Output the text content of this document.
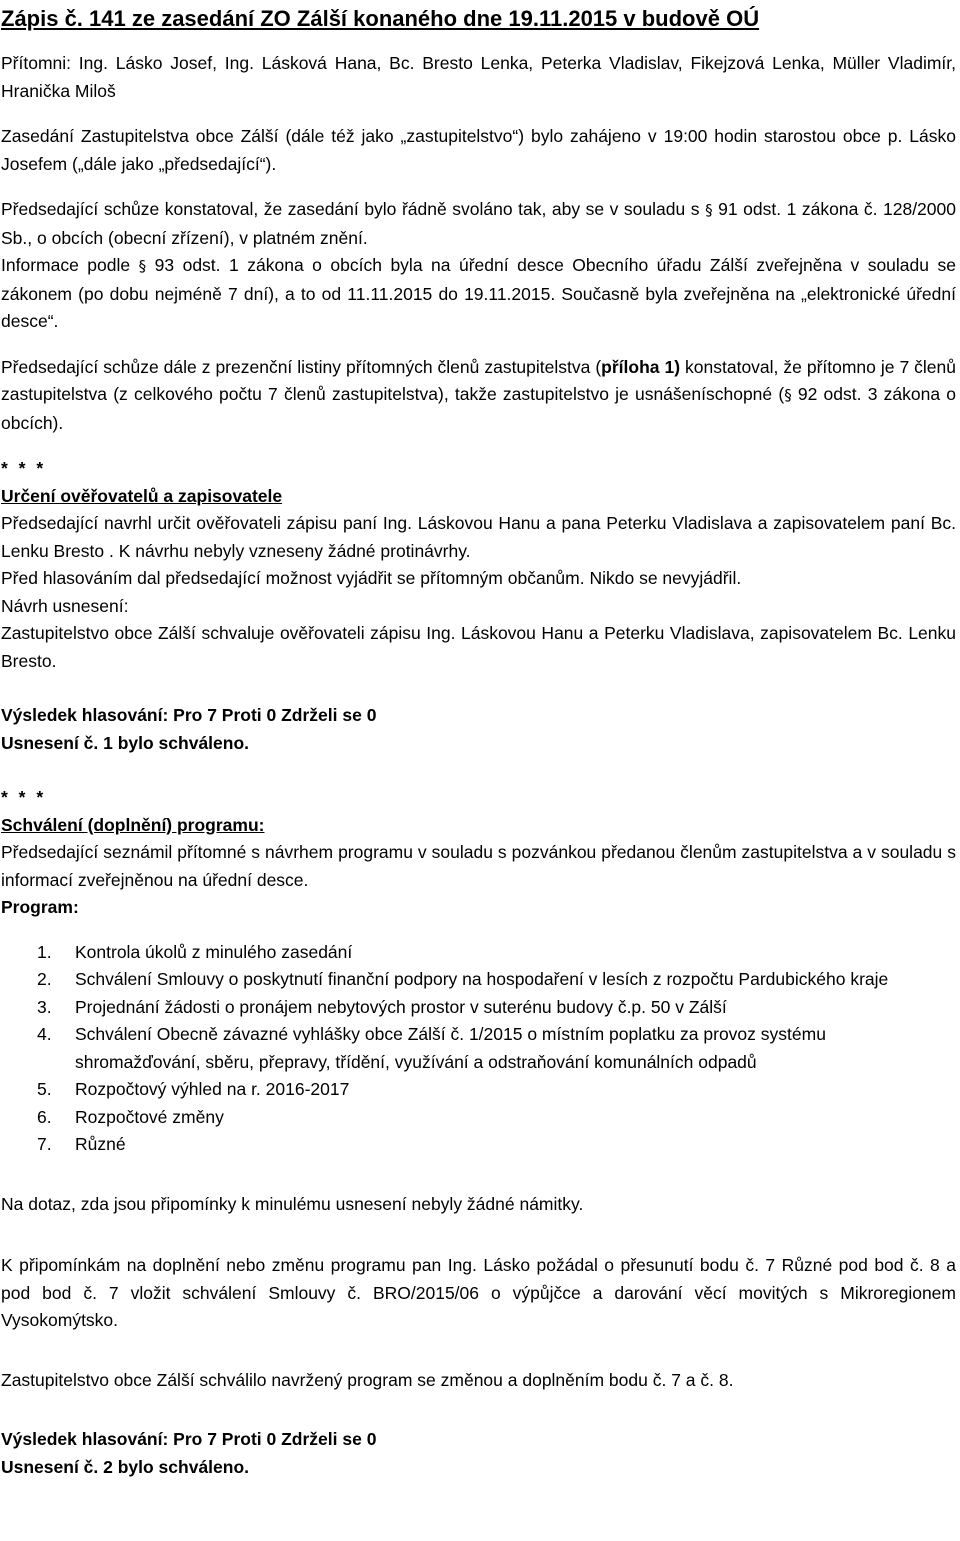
Zápis č. 141 ze zasedání ZO Zálší konaného dne 19.11.2015 v budově OÚ

Přítomni: Ing. Lásko Josef, Ing. Lásková Hana, Bc. Bresto Lenka, Peterka Vladislav, Fikejzová Lenka, Müller Vladimír, Hranička Miloš

Zasedání Zastupitelstva obce Zálší (dále též jako „zastupitelstvo“) bylo zahájeno v 19:00 hodin starostou obce p. Lásko Josefem („dále jako „předsedající“).

Předsedající schůze konstatoval, že zasedání bylo řádně svoláno tak, aby se v souladu s § 91 odst. 1 zákona č. 128/2000 Sb., o obcích (obecní zřízení), v platném znění.

Informace podle § 93 odst. 1 zákona o obcích byla na úřední desce Obecního úřadu Zálší zveřejněna v souladu se zákonem (po dobu nejméně 7 dní), a to od 11.11.2015 do 19.11.2015. Současně byla zveřejněna na „elektronické úřední desce“.

Předsedající schůze dále z prezenční listiny přítomných členů zastupitelstva (příloha 1) konstatoval, že přítomno je 7 členů zastupitelstva (z celkového počtu 7 členů zastupitelstva), takže zastupitelstvo je usnášeníschopné (§ 92 odst. 3 zákona o obcích).

* * *

Určení ověřovatelů a zapisovatele

Předsedající navrhl určit ověřovateli zápisu paní Ing. Láskovou Hanu a pana Peterku Vladislava a zapisovatelem paní Bc. Lenku Bresto . K návrhu nebyly vzneseny žádné protinávrhy.

Před hlasováním dal předsedající možnost vyjádřit se přítomným občanům. Nikdo se nevyjádřil.

Návrh usnesení:

Zastupitelstvo obce Zálší schvaluje ověřovateli zápisu Ing. Láskovou Hanu a Peterku Vladislava, zapisovatelem Bc. Lenku Bresto.

Výsledek hlasování: Pro 7 Proti 0 Zdrželi se 0

Usnesení č. 1 bylo schváleno.

* * *

Schválení (doplnění) programu:

Předsedající seznámil přítomné s návrhem programu v souladu s pozvánkou předanou členům zastupitelstva a v souladu s informací zveřejněnou na úřední desce.

Program:

1.	Kontrola úkolů z minulého zasedání
2.	Schválení Smlouvy o poskytnutí finanční podpory na hospodaření v lesích z rozpočtu Pardubického kraje
3.	Projednání žádosti o pronájem nebytových prostor v suterénu budovy č.p. 50 v Zálší
4.	Schválení Obecně závazné vyhlášky obce Zálší č. 1/2015 o místním poplatku za provoz systému shromažďování, sběru, přepravy, třídění, využívání a odstraňování komunálních odpadů
5.	Rozpočtový výhled na r. 2016-2017
6.	Rozpočtové změny
7.	Různé

Na dotaz, zda jsou připomínky k minulému usnesení nebyly žádné námitky.

K připomínkám na doplnění nebo změnu programu pan Ing. Lásko požádal o přesunutí bodu č. 7 Různé pod bod č. 8 a pod bod č. 7 vložit schválení Smlouvy č. BRO/2015/06 o výpůjčce a darování věcí movitých s Mikroregionem Vysokomýtsko.

Zastupitelstvo obce Zálší schválilo navržený program se změnou a doplněním bodu č. 7 a č. 8.

Výsledek hlasování: Pro 7 Proti 0 Zdrželi se 0

Usnesení č. 2 bylo schváleno.
